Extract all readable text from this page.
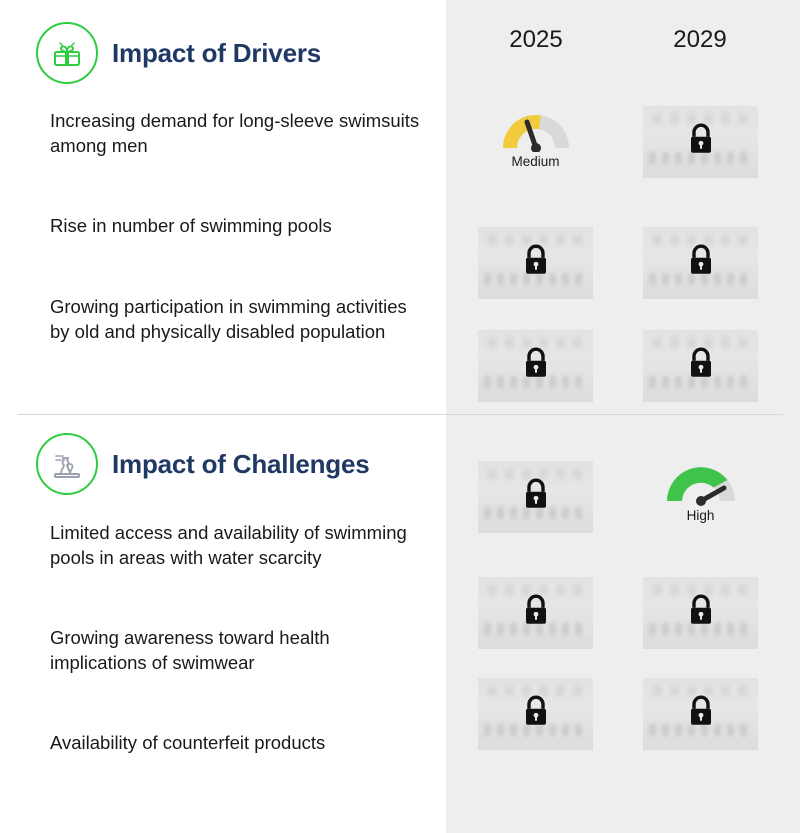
2025	2029
Impact of Drivers
Increasing demand for long-sleeve swimsuits among men
Rise in number of swimming pools
Growing participation in swimming activities by old and physically disabled population
Medium
Impact of Challenges
Limited access and availability of swimming pools in areas with water scarcity
Growing awareness toward health implications of swimwear
Availability of counterfeit products
High
